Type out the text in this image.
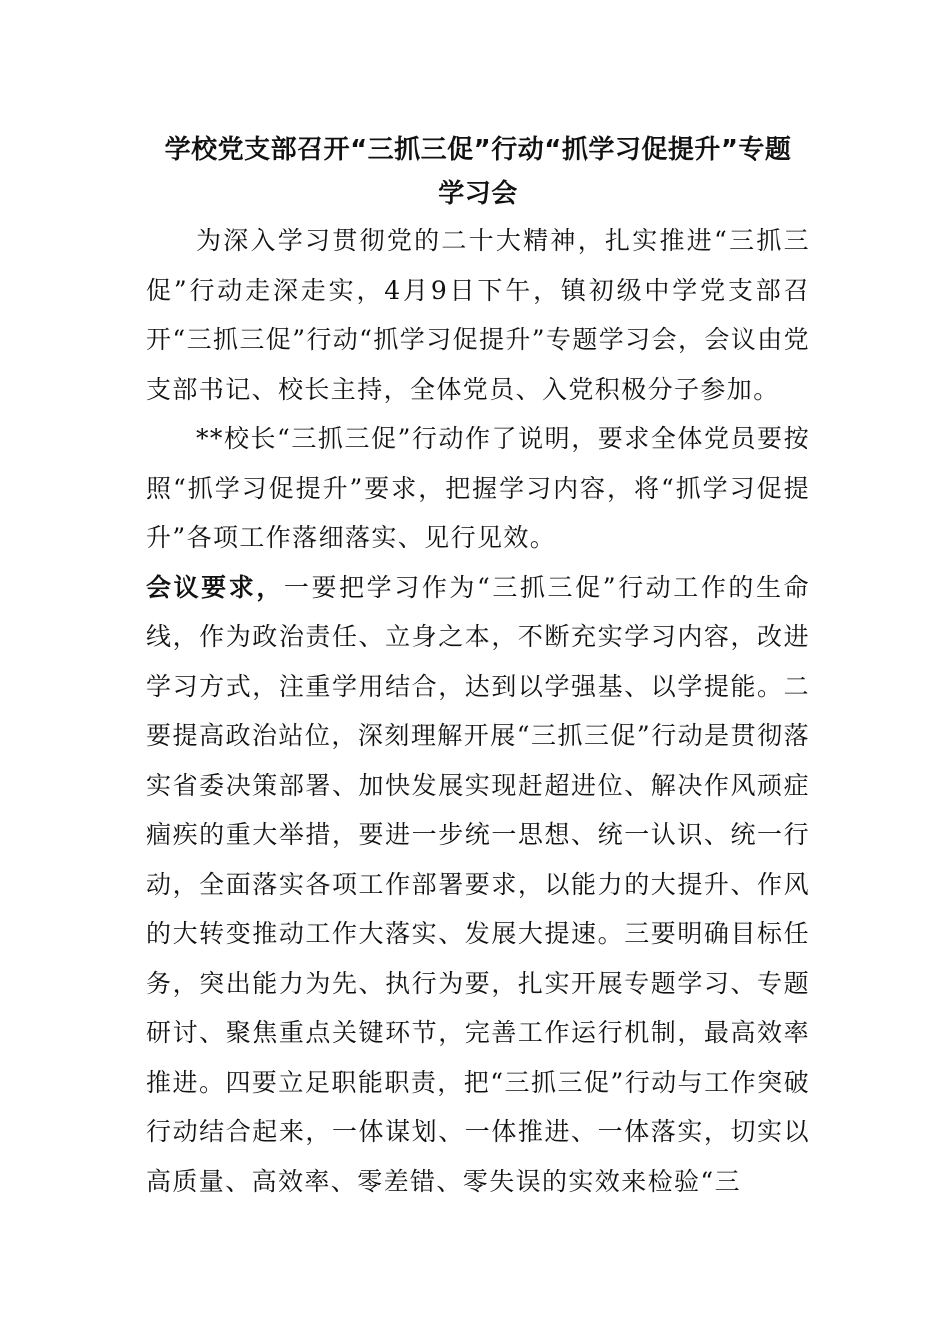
学校党支部召开“三抓三促”行动“抓学习促提升”专题
学习会

为深入学习贯彻党的二十大精神，扎实推进“三抓三促”行动走深走实，4月9日下午，镇初级中学党支部召开“三抓三促”行动“抓学习促提升”专题学习会，会议由党支部书记、校长主持，全体党员、入党积极分子参加。

**校长“三抓三促”行动作了说明，要求全体党员要按照“抓学习促提升”要求，把握学习内容，将“抓学习促提升”各项工作落细落实、见行见效。

会议要求，一要把学习作为“三抓三促”行动工作的生命线，作为政治责任、立身之本，不断充实学习内容，改进学习方式，注重学用结合，达到以学强基、以学提能。二要提高政治站位，深刻理解开展“三抓三促”行动是贯彻落实省委决策部署、加快发展实现赶超进位、解决作风顽症痼疾的重大举措，要进一步统一思想、统一认识、统一行动，全面落实各项工作部署要求，以能力的大提升、作风的大转变推动工作大落实、发展大提速。三要明确目标任务，突出能力为先、执行为要，扎实开展专题学习、专题研讨、聚焦重点关键环节，完善工作运行机制，最高效率推进。四要立足职能职责，把“三抓三促”行动与工作突破行动结合起来，一体谋划、一体推进、一体落实，切实以高质量、高效率、零差错、零失误的实效来检验“三
